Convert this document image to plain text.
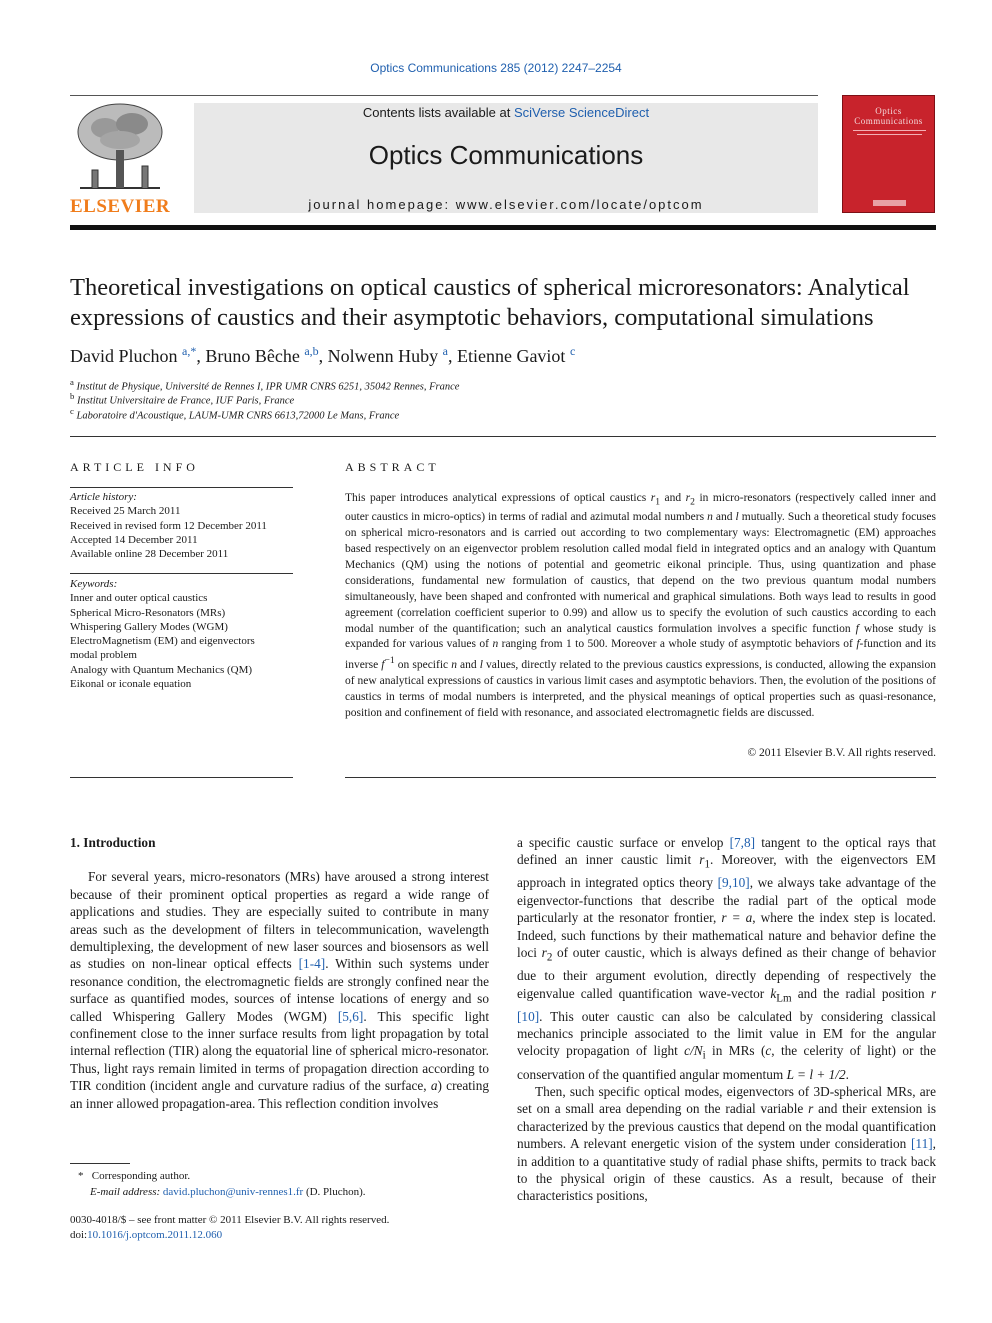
Optics Communications 285 (2012) 2247–2254
ELSEVIER
Contents lists available at SciVerse ScienceDirect
Optics Communications
journal homepage: www.elsevier.com/locate/optcom
Optics Communications
Theoretical investigations on optical caustics of spherical microresonators: Analytical expressions of caustics and their asymptotic behaviors, computational simulations
David Pluchon $^{a,*}$, Bruno Bêche $^{a,b}$, Nolwenn Huby $^a$, Etienne Gaviot $^c$
$^a$ Institut de Physique, Université de Rennes I, IPR UMR CNRS 6251, 35042 Rennes, France
$^b$ Institut Universitaire de France, IUF Paris, France
$^c$ Laboratoire d'Acoustique, LAUM-UMR CNRS 6613,72000 Le Mans, France
ARTICLE INFO
Article history:
Received 25 March 2011
Received in revised form 12 December 2011
Accepted 14 December 2011
Available online 28 December 2011
Keywords:
Inner and outer optical caustics
Spherical Micro-Resonators (MRs)
Whispering Gallery Modes (WGM)
ElectroMagnetism (EM) and eigenvectors
modal problem
Analogy with Quantum Mechanics (QM)
Eikonal or iconale equation
ABSTRACT
This paper introduces analytical expressions of optical caustics $r_1$ and $r_2$ in micro-resonators (respectively called inner and outer caustics in micro-optics) in terms of radial and azimutal modal numbers n and l mutually. Such a theoretical study focuses on spherical micro-resonators and is carried out according to two complementary ways: Electromagnetic (EM) approaches based respectively on an eigenvector problem resolution called modal field in integrated optics and an analogy with Quantum Mechanics (QM) using the notions of potential and geometric eikonal principle. Thus, using quantization and phase considerations, fundamental new formulation of caustics, that depend on the two previous quantum modal numbers simultaneously, have been shaped and confronted with numerical and graphical simulations. Both ways lead to results in good agreement (correlation coefficient superior to 0.99) and allow us to specify the evolution of such caustics according to each modal number of the quantification; such an analytical caustics formulation involves a specific function f whose study is expanded for various values of n ranging from 1 to 500. Moreover a whole study of asymptotic behaviors of f-function and its inverse $f^{-1}$ on specific n and l values, directly related to the previous caustics expressions, is conducted, allowing the expansion of new analytical expressions of caustics in various limit cases and asymptotic behaviors. Then, the evolution of the positions of caustics in terms of modal numbers is interpreted, and the physical meanings of optical properties such as quasi-resonance, position and confinement of field with resonance, and associated electromagnetic fields are discussed.
© 2011 Elsevier B.V. All rights reserved.

1. Introduction

For several years, micro-resonators (MRs) have aroused a strong interest because of their prominent optical properties as regard a wide range of applications and studies. They are especially suited to contribute in many areas such as the development of filters in telecommunication, wavelength demultiplexing, the development of new laser sources and biosensors as well as studies on non-linear optical effects [1-4]. Within such systems under resonance condition, the electromagnetic fields are strongly confined near the surface as quantified modes, sources of intense locations of energy and so called Whispering Gallery Modes (WGM) [5,6]. This specific light confinement close to the inner surface results from light propagation by total internal reflection (TIR) along the equatorial line of spherical micro-resonator. Thus, light rays remain limited in terms of propagation direction according to TIR condition (incident angle and curvature radius of the surface, a) creating an inner allowed propagation-area. This reflection condition involves

a specific caustic surface or envelop [7,8] tangent to the optical rays that defined an inner caustic limit $r_1$. Moreover, with the eigenvectors EM approach in integrated optics theory [9,10], we always take advantage of the eigenvector-functions that describe the radial part of the optical mode particularly at the resonator frontier, r = a, where the index step is located. Indeed, such functions by their mathematical nature and behavior define the loci $r_2$ of outer caustic, which is always defined as their change of behavior due to their argument evolution, directly depending of respectively the eigenvalue called quantification wave-vector $k_{Lm}$ and the radial position r [10]. This outer caustic can also be calculated by considering classical mechanics principle associated to the limit value in EM for the angular velocity propagation of light $c/N_i$ in MRs (c, the celerity of light) or the conservation of the quantified angular momentum L = l + 1/2.

Then, such specific optical modes, eigenvectors of 3D-spherical MRs, are set on a small area depending on the radial variable r and their extension is characterized by the previous caustics that depend on the modal quantification numbers. A relevant energetic vision of the system under consideration [11], in addition to a quantitative study of radial phase shifts, permits to track back to the physical origin of these caustics. As a result, because of their characteristics positions,

* Corresponding author.
E-mail address: david.pluchon@univ-rennes1.fr (D. Pluchon).
0030-4018/$ – see front matter © 2011 Elsevier B.V. All rights reserved.
doi:10.1016/j.optcom.2011.12.060
